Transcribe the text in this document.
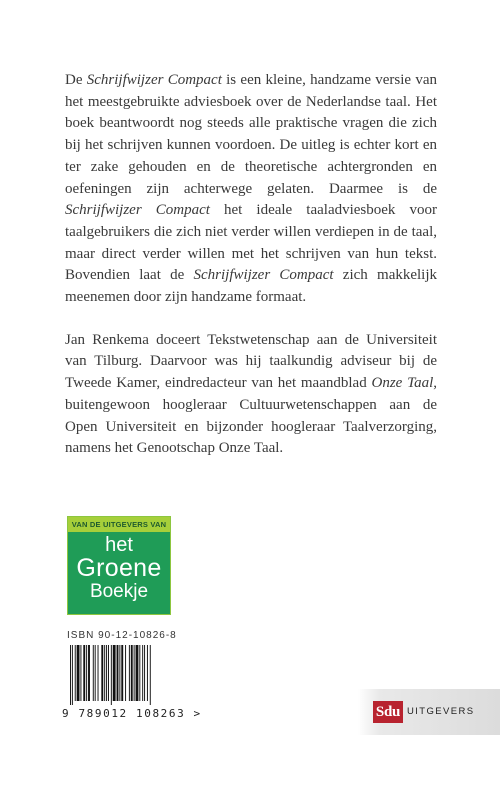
De Schrijfwijzer Compact is een kleine, handzame versie van het meestgebruikte adviesboek over de Nederlandse taal. Het boek beantwoordt nog steeds alle praktische vragen die zich bij het schrijven kunnen voordoen. De uitleg is echter kort en ter zake gehouden en de theoretische achtergronden en oefeningen zijn achterwege gelaten. Daarmee is de Schrijfwijzer Compact het ideale taaladviesboek voor taalgebruikers die zich niet verder willen verdiepen in de taal, maar direct verder willen met het schrijven van hun tekst. Bovendien laat de Schrijfwijzer Compact zich makkelijk meenemen door zijn handzame formaat.

Jan Renkema doceert Tekstwetenschap aan de Universiteit van Tilburg. Daarvoor was hij taalkundig adviseur bij de Tweede Kamer, eindredacteur van het maandblad Onze Taal, buitengewoon hoogleraar Cultuurwetenschappen aan de Open Universiteit en bijzonder hoogleraar Taalverzorging, namens het Genootschap Onze Taal.

VAN DE UITGEVERS VAN
het
Groene
Boekje
ISBN 90-12-10826-8
9 789012 108263 >	Sdu UITGEVERS
